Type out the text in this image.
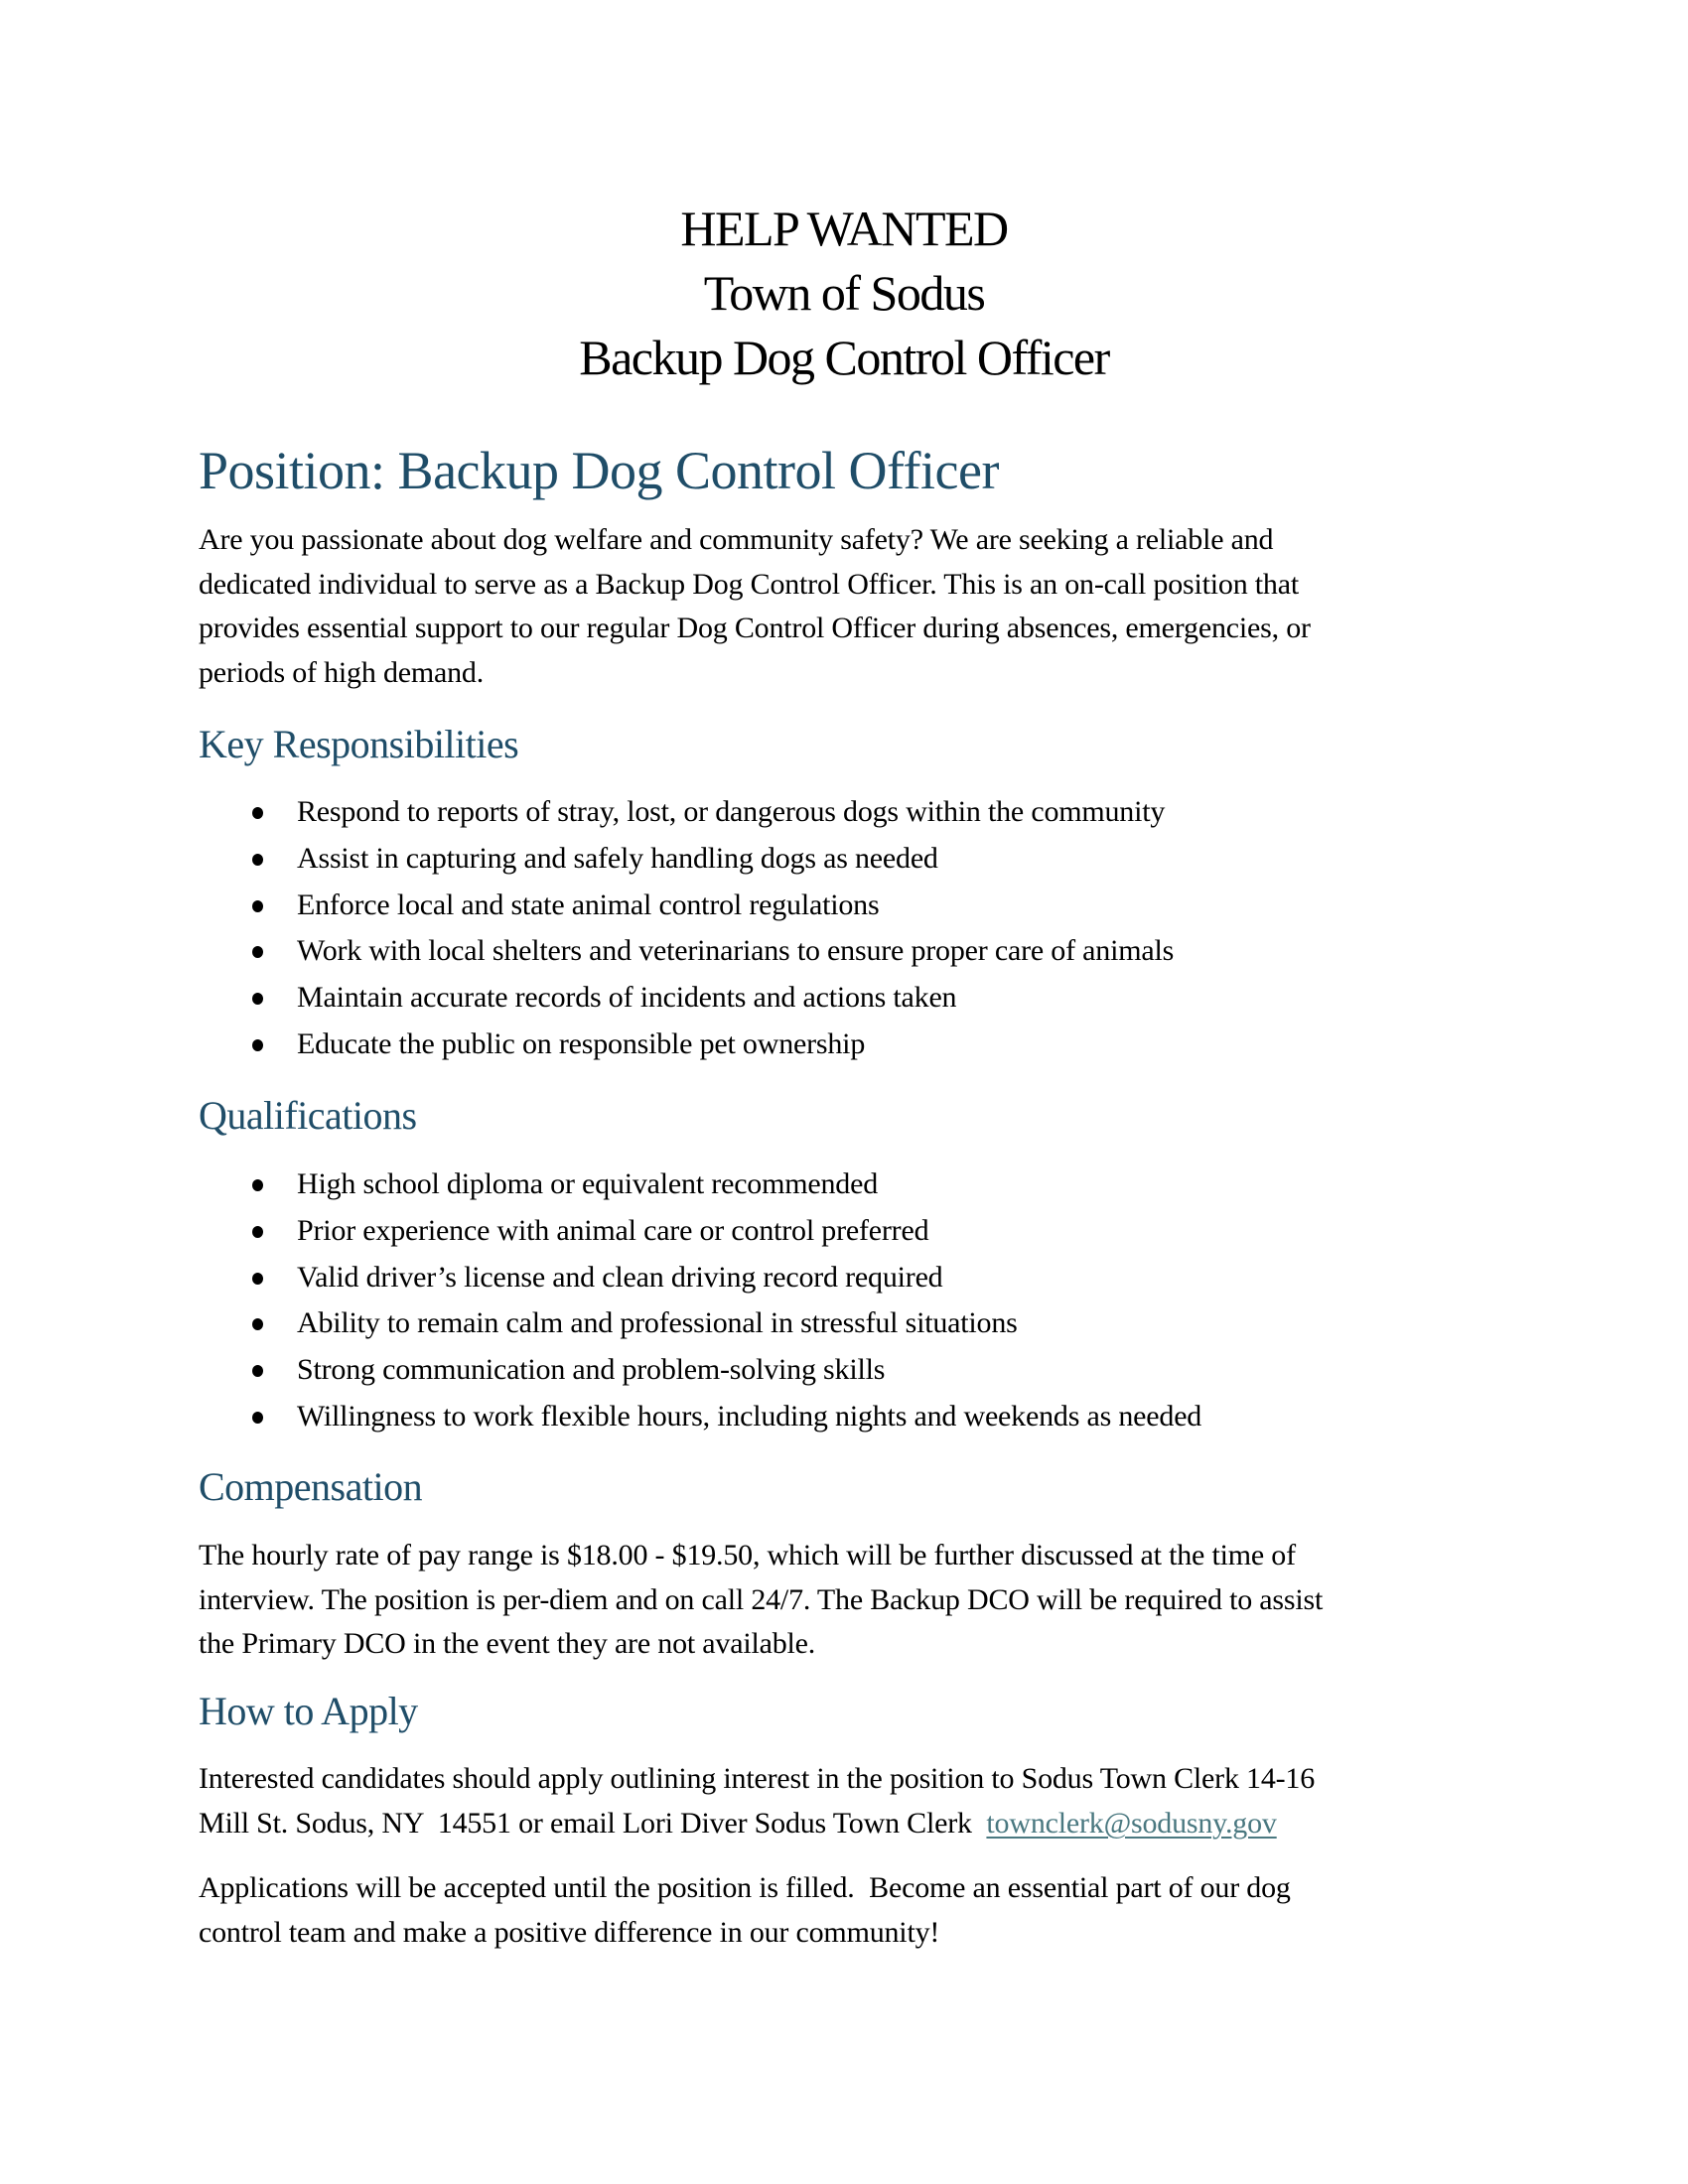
HELP WANTED
Town of Sodus
Backup Dog Control Officer
Position: Backup Dog Control Officer

Are you passionate about dog welfare and community safety? We are seeking a reliable and
dedicated individual to serve as a Backup Dog Control Officer. This is an on-call position that
provides essential support to our regular Dog Control Officer during absences, emergencies, or
periods of high demand.

Key Responsibilities
Respond to reports of stray, lost, or dangerous dogs within the community
Assist in capturing and safely handling dogs as needed
Enforce local and state animal control regulations
Work with local shelters and veterinarians to ensure proper care of animals
Maintain accurate records of incidents and actions taken
Educate the public on responsible pet ownership
Qualifications
High school diploma or equivalent recommended
Prior experience with animal care or control preferred
Valid driver’s license and clean driving record required
Ability to remain calm and professional in stressful situations
Strong communication and problem-solving skills
Willingness to work flexible hours, including nights and weekends as needed
Compensation

The hourly rate of pay range is $18.00 - $19.50, which will be further discussed at the time of
interview. The position is per-diem and on call 24/7. The Backup DCO will be required to assist
the Primary DCO in the event they are not available.

How to Apply

Interested candidates should apply outlining interest in the position to Sodus Town Clerk 14-16
Mill St. Sodus, NY  14551 or email Lori Diver Sodus Town Clerk  townclerk@sodusny.gov

Applications will be accepted until the position is filled.  Become an essential part of our dog
control team and make a positive difference in our community!
